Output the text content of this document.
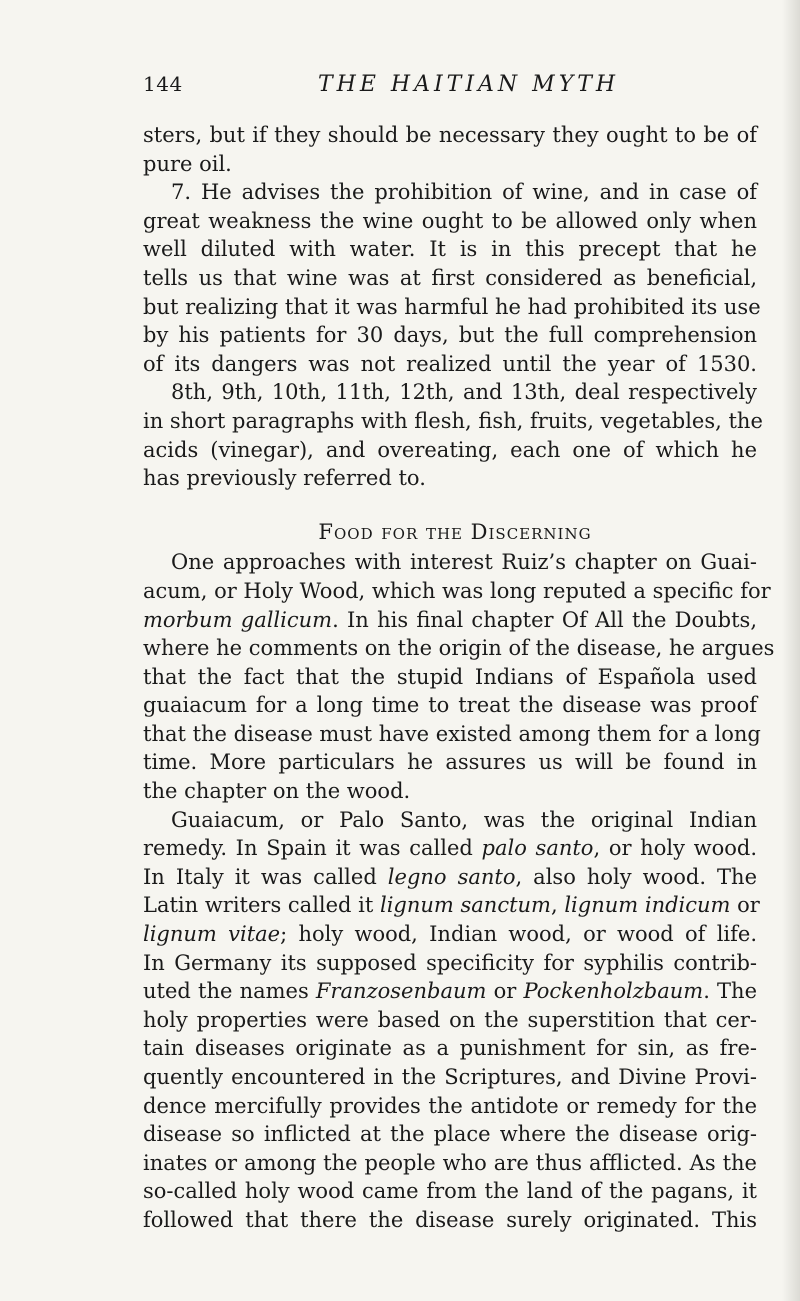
144	THE HAITIAN MYTH
sters, but if they should be necessary they ought to be of
pure oil.
7. He advises the prohibition of wine, and in case of
great weakness the wine ought to be allowed only when
well diluted with water. It is in this precept that he
tells us that wine was at first considered as beneficial,
but realizing that it was harmful he had prohibited its use
by his patients for 30 days, but the full comprehension
of its dangers was not realized until the year of 1530.
8th, 9th, 10th, 11th, 12th, and 13th, deal respectively
in short paragraphs with flesh, fish, fruits, vegetables, the
acids (vinegar), and overeating, each one of which he
has previously referred to.
Food for the Discerning
One approaches with interest Ruiz’s chapter on Guai-
acum, or Holy Wood, which was long reputed a specific for
morbum gallicum. In his final chapter Of All the Doubts,
where he comments on the origin of the disease, he argues
that the fact that the stupid Indians of Española used
guaiacum for a long time to treat the disease was proof
that the disease must have existed among them for a long
time. More particulars he assures us will be found in
the chapter on the wood.
Guaiacum, or Palo Santo, was the original Indian
remedy. In Spain it was called palo santo, or holy wood.
In Italy it was called legno santo, also holy wood. The
Latin writers called it lignum sanctum, lignum indicum or
lignum vitae; holy wood, Indian wood, or wood of life.
In Germany its supposed specificity for syphilis contrib-
uted the names Franzosenbaum or Pockenholzbaum. The
holy properties were based on the superstition that cer-
tain diseases originate as a punishment for sin, as fre-
quently encountered in the Scriptures, and Divine Provi-
dence mercifully provides the antidote or remedy for the
disease so inflicted at the place where the disease orig-
inates or among the people who are thus afflicted. As the
so-called holy wood came from the land of the pagans, it
followed that there the disease surely originated. This
